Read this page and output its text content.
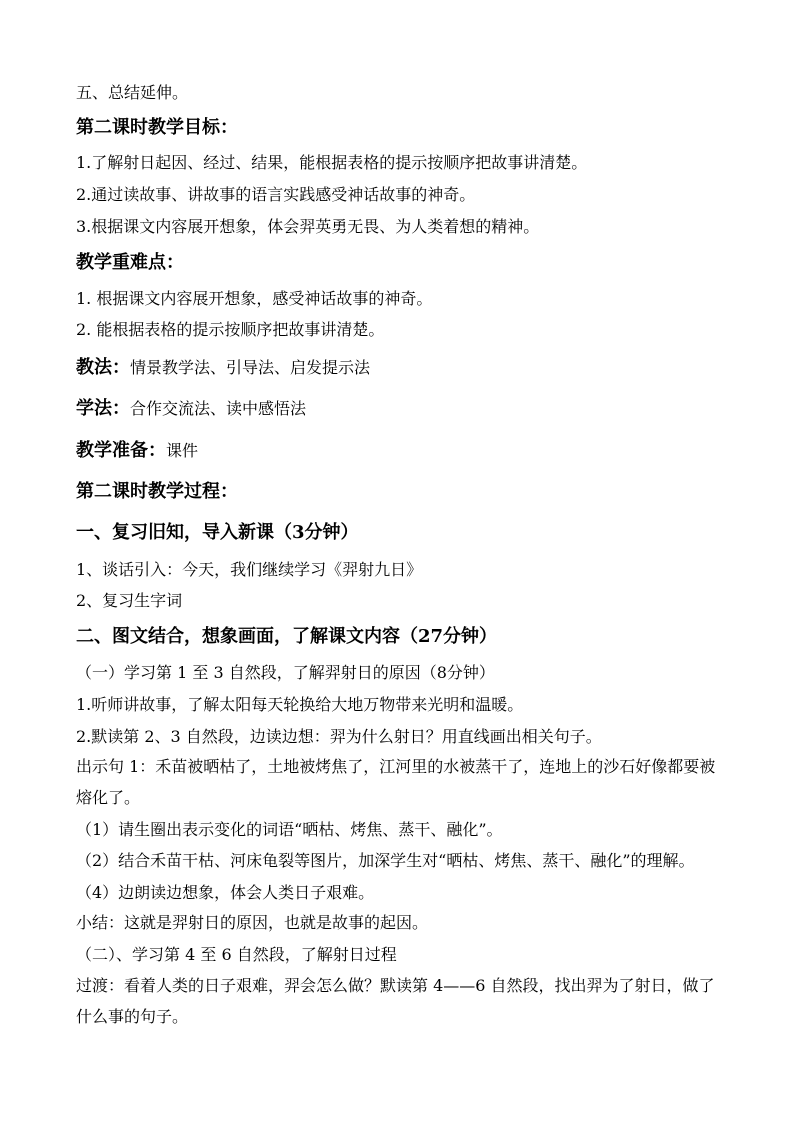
五、总结延伸。
第二课时教学目标：
1.了解射日起因、经过、结果，能根据表格的提示按顺序把故事讲清楚。
2.通过读故事、讲故事的语言实践感受神话故事的神奇。
3.根据课文内容展开想象，体会羿英勇无畏、为人类着想的精神。
教学重难点：
1. 根据课文内容展开想象，感受神话故事的神奇。
2. 能根据表格的提示按顺序把故事讲清楚。
教法：情景教学法、引导法、启发提示法
学法：合作交流法、读中感悟法
教学准备：课件
第二课时教学过程：
一、复习旧知，导入新课（3分钟）
1、谈话引入：今天，我们继续学习《羿射九日》
2、复习生字词
二、图文结合，想象画面，了解课文内容（27分钟）
（一）学习第 1 至 3 自然段，了解羿射日的原因（8分钟）
1.听师讲故事，了解太阳每天轮换给大地万物带来光明和温暖。
2.默读第 2、3 自然段，边读边想：羿为什么射日？用直线画出相关句子。
出示句 1：禾苗被晒枯了，土地被烤焦了，江河里的水被蒸干了，连地上的沙石好像都要被熔化了。
（1）请生圈出表示变化的词语“晒枯、烤焦、蒸干、融化”。
（2）结合禾苗干枯、河床龟裂等图片，加深学生对“晒枯、烤焦、蒸干、融化”的理解。
（4）边朗读边想象，体会人类日子艰难。
小结：这就是羿射日的原因，也就是故事的起因。
（二）、学习第 4 至 6 自然段，了解射日过程
过渡：看着人类的日子艰难，羿会怎么做？默读第 4——6 自然段，找出羿为了射日，做了什么事的句子。
